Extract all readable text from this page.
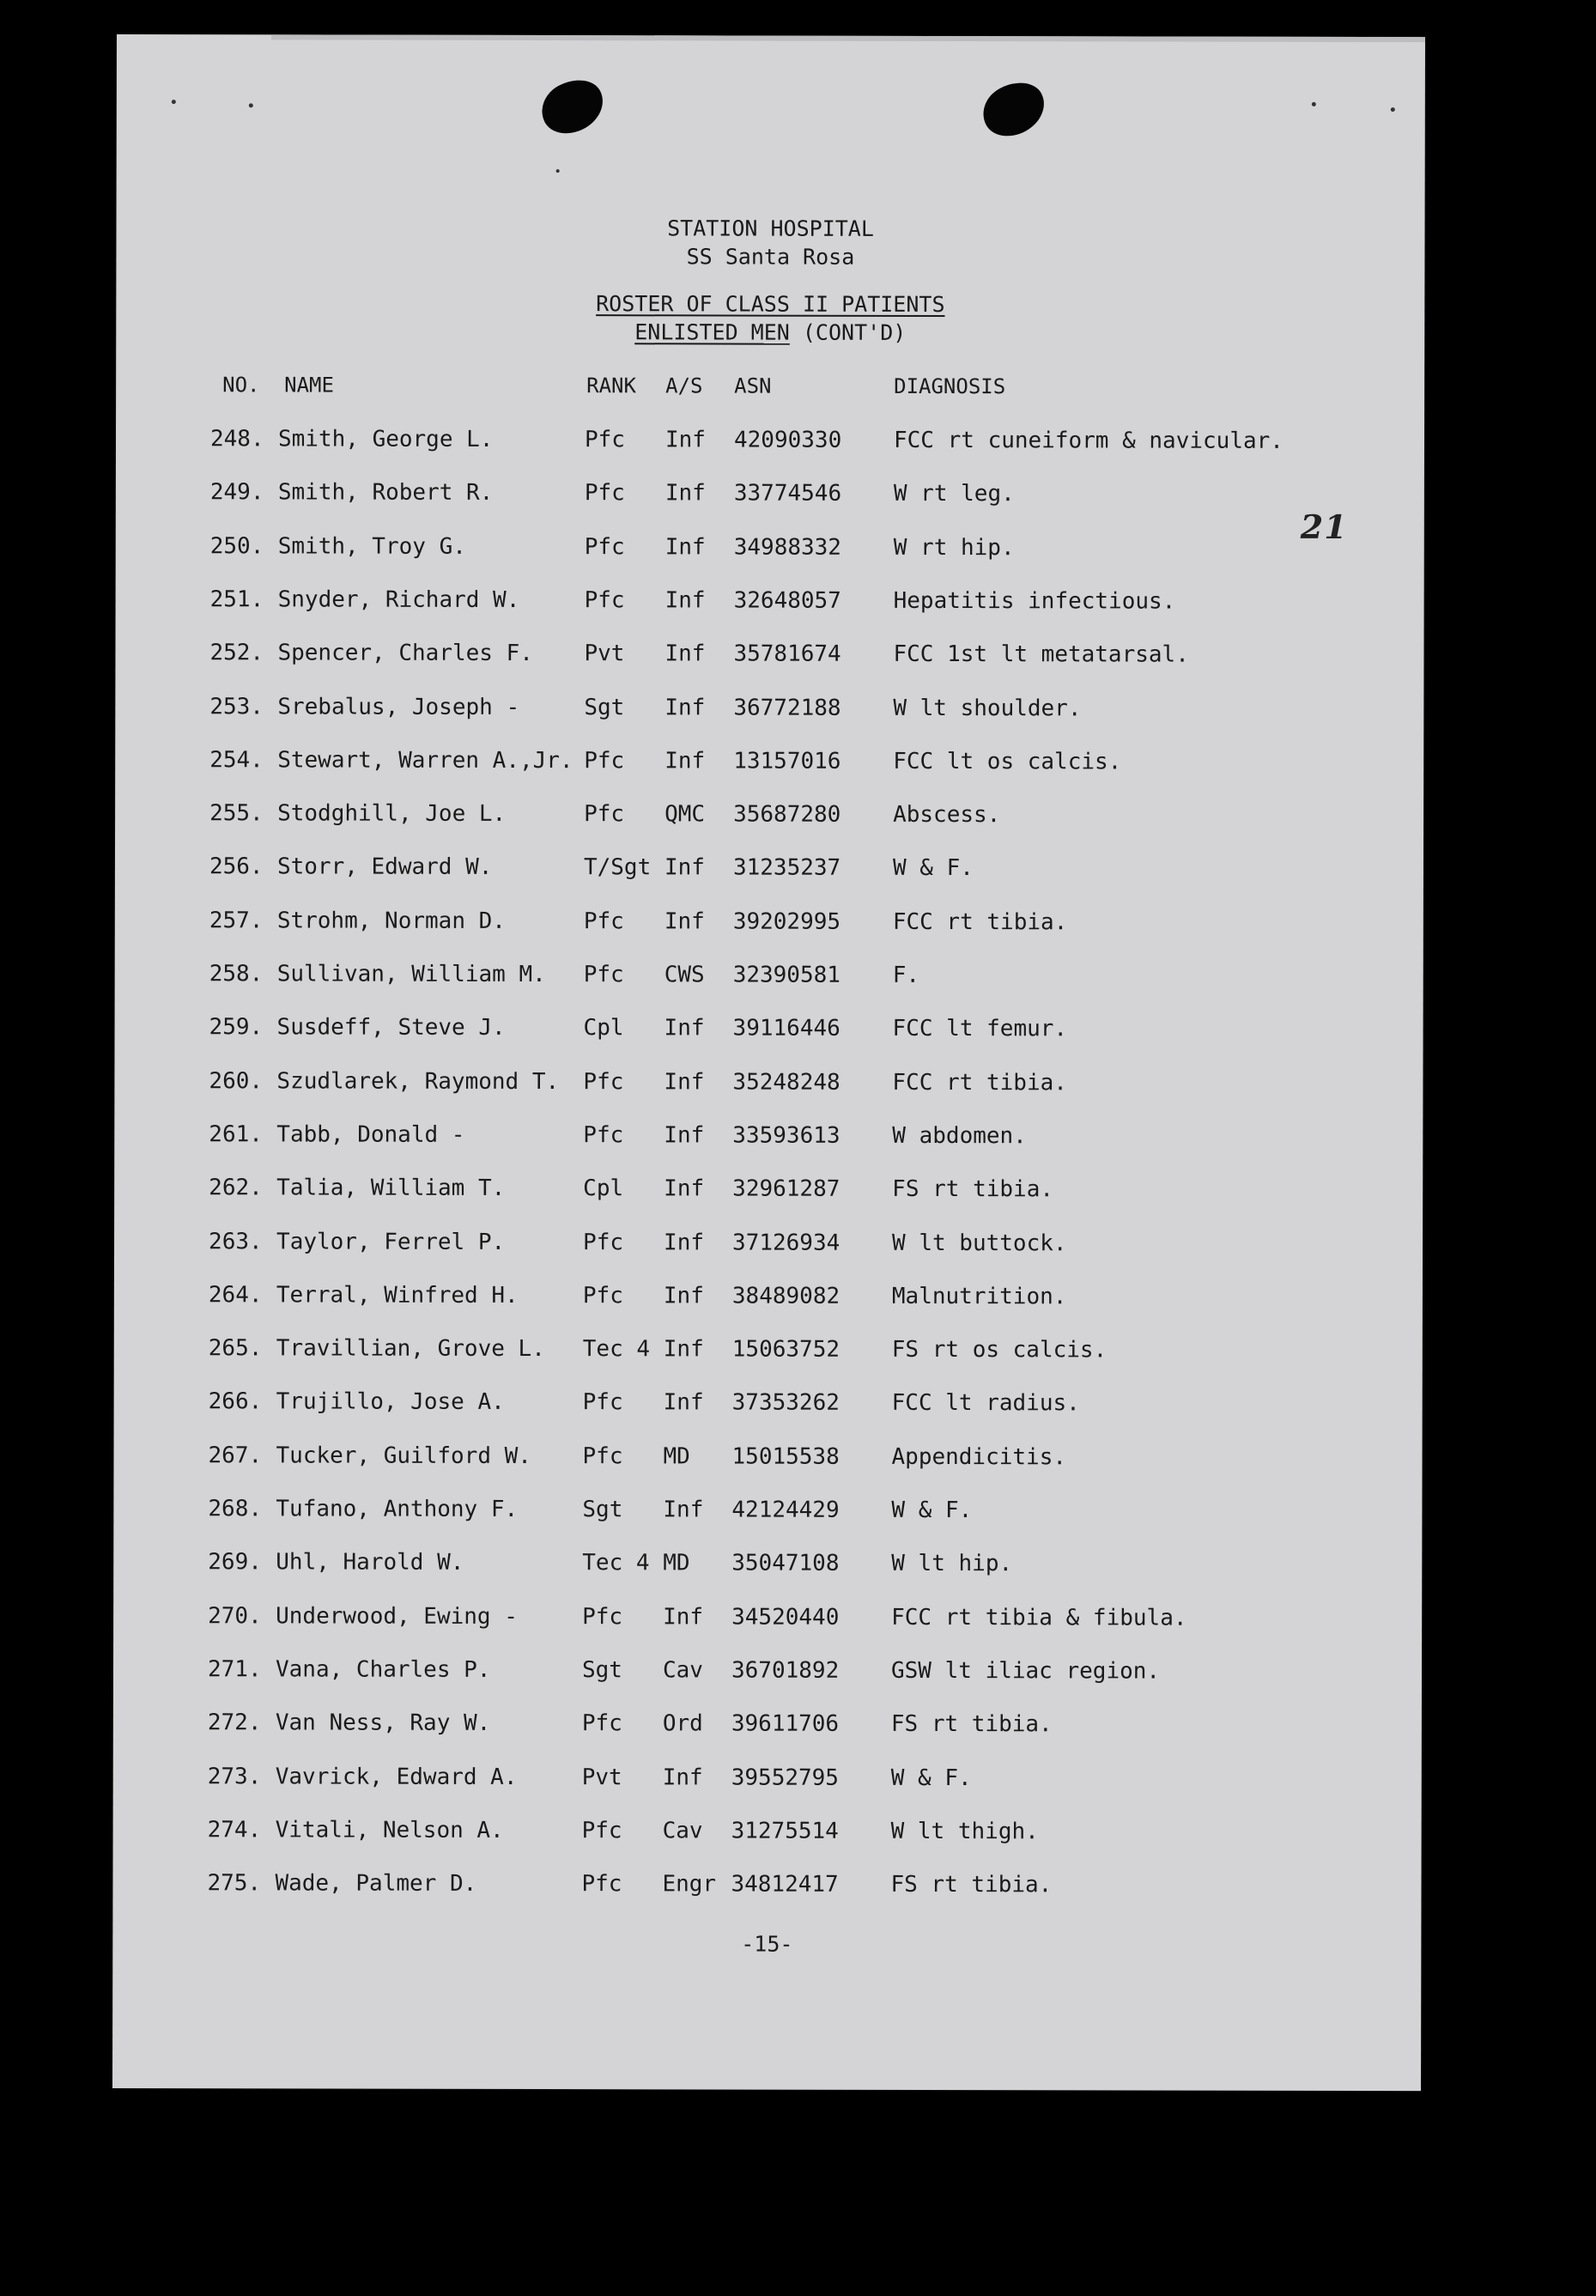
21
STATION HOSPITAL
SS Santa Rosa
ROSTER OF CLASS II PATIENTS
ENLISTED MEN (CONT'D)
NO. NAME	RANK A/S ASN	DIAGNOSIS
248. Smith, George L.	Pfc Inf 42090330 FCC rt cuneiform & navicular.
249. Smith, Robert R.	Pfc Inf 33774546 W rt leg.
250. Smith, Troy G.	Pfc Inf 34988332 W rt hip.
251. Snyder, Richard W.	Pfc Inf 32648057 Hepatitis infectious.
252. Spencer, Charles F. Pvt Inf 35781674 FCC 1st lt metatarsal.
253. Srebalus, Joseph -	Sgt Inf 36772188 W lt shoulder.
254. Stewart, Warren A.,Jr. Pfc Inf 13157016 FCC lt os calcis.
255. Stodghill, Joe L.	Pfc QMC 35687280 Abscess.
256. Storr, Edward W.	T/Sgt Inf 31235237 W & F.
257. Strohm, Norman D.	Pfc Inf 39202995 FCC rt tibia.
258. Sullivan, William M. Pfc CWS 32390581 F.
259. Susdeff, Steve J.	Cpl Inf 39116446 FCC lt femur.
260. Szudlarek, Raymond T. Pfc Inf 35248248 FCC rt tibia.
261. Tabb, Donald -	Pfc Inf 33593613 W abdomen.
262. Talia, William T.	Cpl Inf 32961287 FS rt tibia.
263. Taylor, Ferrel P.	Pfc Inf 37126934 W lt buttock.
264. Terral, Winfred H.	Pfc Inf 38489082 Malnutrition.
265. Travillian, Grove L. Tec 4 Inf 15063752 FS rt os calcis.
266. Trujillo, Jose A.	Pfc Inf 37353262 FCC lt radius.
267. Tucker, Guilford W. Pfc MD 15015538 Appendicitis.
268. Tufano, Anthony F.	Sgt Inf 42124429 W & F.
269. Uhl, Harold W.	Tec 4 MD 35047108 W lt hip.
270. Underwood, Ewing -	Pfc Inf 34520440 FCC rt tibia & fibula.
271. Vana, Charles P.	Sgt Cav 36701892 GSW lt iliac region.
272. Van Ness, Ray W.	Pfc Ord 39611706 FS rt tibia.
273. Vavrick, Edward A.	Pvt Inf 39552795 W & F.
274. Vitali, Nelson A.	Pfc Cav 31275514 W lt thigh.
275. Wade, Palmer D.	Pfc Engr 34812417 FS rt tibia.
-15-
